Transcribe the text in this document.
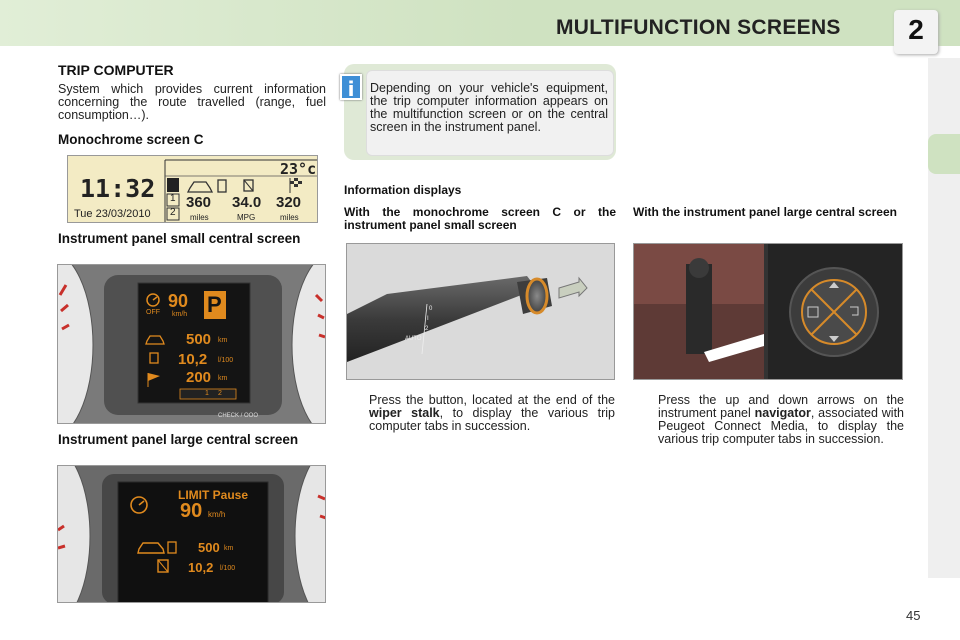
MULTIFUNCTION SCREENS	2
TRIP COMPUTER
System which provides current information concerning the route travelled (range, fuel consumption…).
Monochrome screen C
23°c
11:32
Tue 23/03/2010
1
2
360
miles
34.0
MPG
320
miles
Instrument panel small central screen
OFF
90
km/h P
500 km
10,2 l/100
200 km
1 2
CHECK / OOO
Instrument panel large central screen
LIMIT Pause
90 km/h
500 km
10,2 l/100
i	Depending on your vehicle's equipment, the trip computer information appears on the multifunction screen or on the central screen in the instrument panel.
Information displays
With the monochrome screen C or the instrument panel small screen
With the instrument panel large central screen
0
I
2
AUTO
Press the button, located at the end of the wiper stalk, to display the various trip computer tabs in succession.
Press the up and down arrows on the instrument panel navigator, associated with Peugeot Connect Media, to display the various trip computer tabs in succession.
45
